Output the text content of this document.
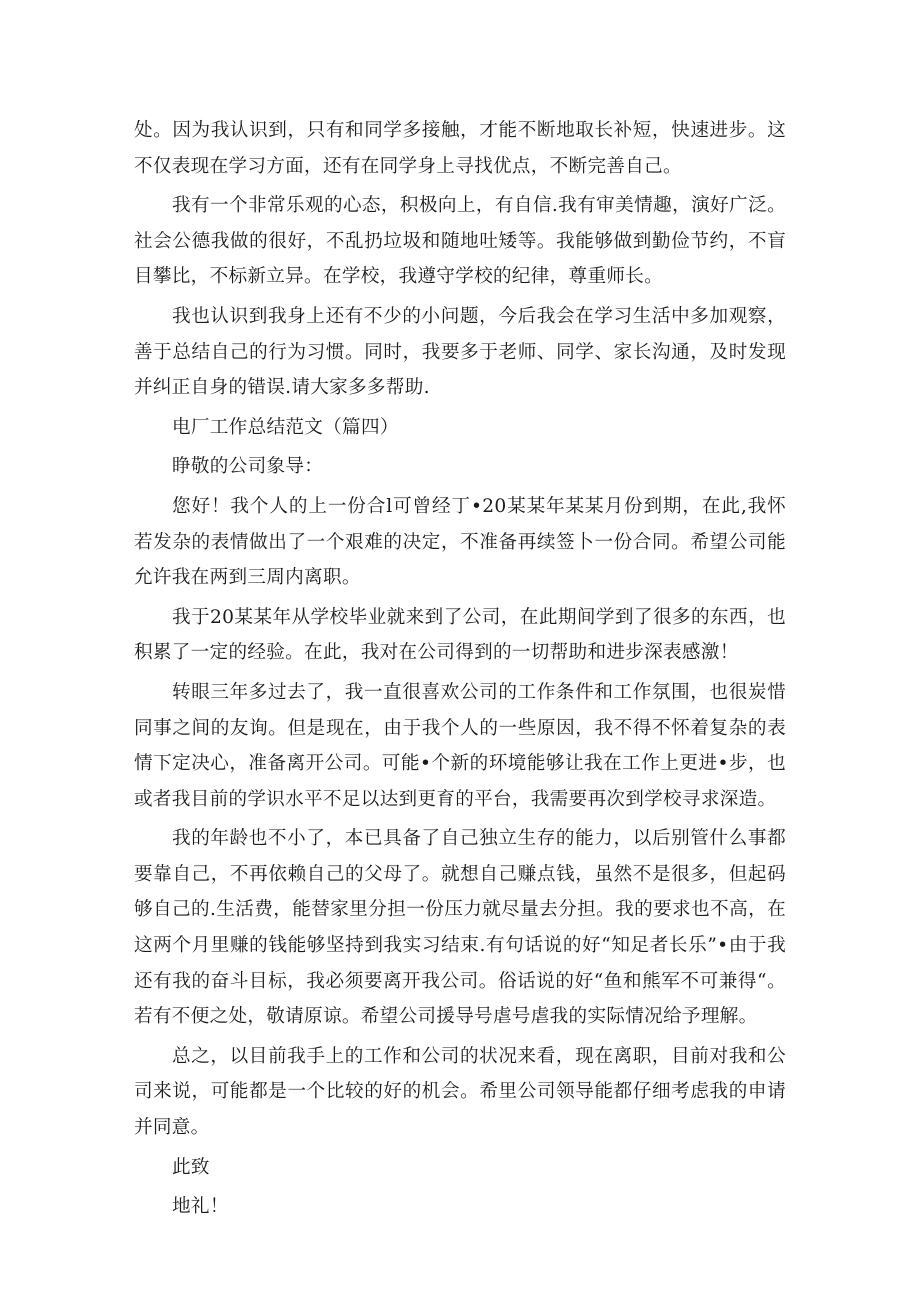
处。因为我认识到，只有和同学多接触，才能不断地取长补短，快速进步。这不仅表现在学习方面，还有在同学身上寻找优点，不断完善自己。

我有一个非常乐观的心态，积极向上，有自信.我有审美情趣，演好广泛。社会公德我做的很好，不乱扔垃圾和随地吐矮等。我能够做到勤俭节约，不盲目攀比，不标新立异。在学校，我遵守学校的纪律，尊重师长。

我也认识到我身上还有不少的小问题，今后我会在学习生活中多加观察，善于总结自己的行为习惯。同时，我要多于老师、同学、家长沟通，及时发现并纠正自身的错误.请大家多多帮助.

电厂工作总结范文（篇四）

睁敬的公司象导：

您好！我个人的上一份合l可曾经丁•20某某年某某月份到期，在此,我怀若发杂的表情做出了一个艰难的决定，不准备再续签卜一份合同。希望公司能允许我在两到三周内离职。

我于20某某年从学校毕业就来到了公司，在此期间学到了很多的东西，也积累了一定的经验。在此，我对在公司得到的一切帮助和进步深表感激！

转眼三年多过去了，我一直很喜欢公司的工作条件和工作氛围，也很炭惜同事之间的友询。但是现在，由于我个人的一些原因，我不得不怀着复杂的表情下定决心，准备离开公司。可能•个新的环境能够让我在工作上更进•步，也或者我目前的学识水平不足以达到更育的平台，我需要再次到学校寻求深造。

我的年龄也不小了，本已具备了自己独立生存的能力，以后别管什么事都要靠自己，不再依赖自己的父母了。就想自己赚点钱，虽然不是很多，但起码够自己的.生活费，能替家里分担一份压力就尽量去分担。我的要求也不高，在这两个月里赚的钱能够坚持到我实习结束.有句话说的好“知足者长乐”•由于我还有我的奋斗目标，我必须要离开我公司。俗话说的好“鱼和熊军不可兼得“。若有不便之处，敬请原谅。希望公司援导号虐号虐我的实际情况给予理解。

总之，以目前我手上的工作和公司的状况来看，现在离职，目前对我和公司来说，可能都是一个比较的好的机会。希里公司领导能都仔细考虑我的申请并同意。

此致

地礼！
